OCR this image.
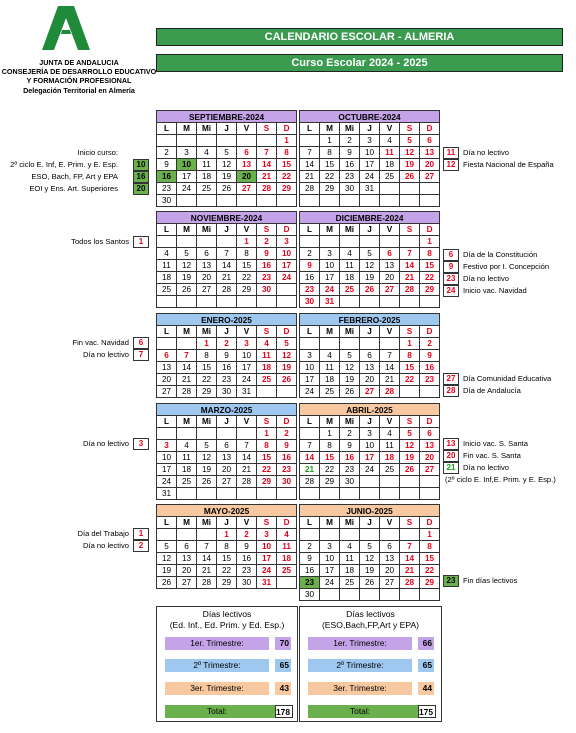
JUNTA DE ANDALUCIA
CONSEJERÍA DE DESARROLLO EDUCATIVO
Y FORMACIÓN PROFESIONAL
Delegación Territorial en Almería
CALENDARIO ESCOLAR - ALMERIA
Curso Escolar 2024 - 2025
SEPTIEMBRE-2024						
L	M	Mi	J	V	S	D
						1
2	3	4	5	6	7	8
9	10	11	12	13	14	15
16	17	18	19	20	21	22
23	24	25	26	27	28	29
30						
OCTUBRE-2024						
L	M	Mi	J	V	S	D
	1	2	3	4	5	6
7	8	9	10	11	12	13
14	15	16	17	18	19	20
21	22	23	24	25	26	27
28	29	30	31			

NOVIEMBRE-2024						
L	M	Mi	J	V	S	D
				1	2	3
4	5	6	7	8	9	10
11	12	13	14	15	16	17
18	19	20	21	22	23	24
25	26	27	28	29	30	

DICIEMBRE-2024						
L	M	Mi	J	V	S	D
						1
2	3	4	5	6	7	8
9	10	11	12	13	14	15
16	17	18	19	20	21	22
23	24	25	26	27	28	29
30	31					
ENERO-2025						
L	M	Mi	J	V	S	D
		1	2	3	4	5
6	7	8	9	10	11	12
13	14	15	16	17	18	19
20	21	22	23	24	25	26
27	28	29	30	31		
FEBRERO-2025						
L	M	Mi	J	V	S	D
					1	2
3	4	5	6	7	8	9
10	11	12	13	14	15	16
17	18	19	20	21	22	23
24	25	26	27	28		
MARZO-2025						
L	M	Mi	J	V	S	D
					1	2
3	4	5	6	7	8	9
10	11	12	13	14	15	16
17	18	19	20	21	22	23
24	25	26	27	28	29	30
31						
ABRIL-2025						
L	M	Mi	J	V	S	D
	1	2	3	4	5	6
7	8	9	10	11	12	13
14	15	16	17	18	19	20
21	22	23	24	25	26	27
28	29	30				

MAYO-2025						
L	M	Mi	J	V	S	D
			1	2	3	4
5	6	7	8	9	10	11
12	13	14	15	16	17	18
19	20	21	22	23	24	25
26	27	28	29	30	31	
JUNIO-2025						
L	M	Mi	J	V	S	D
						1
2	3	4	5	6	7	8
9	10	11	12	13	14	15
16	17	18	19	20	21	22
23	24	25	26	27	28	29
30						
Inicio curso:
2º ciclo E. Inf, E. Prim. y E. Esp.	10
ESO, Bach, FP, Art y EPA	16
EOI y Ens. Art. Superiores	20
Todos los Santos	1
Fin vac. Navidad	6
Día no lectivo	7
Día no lectivo	3
Día del Trabajo	1
Día no lectivo	2
11	Día no lectivo
12 Fiesta Nacional de España
6	Día de la Constitución
9	Festivo por I. Concepción
23 Día no lectivo
24 Inicio vac. Navidad
27 Día Comunidad Educativa
28 Día de Andalucía
13 Inicio vac. S. Santa
20 Fin vac. S. Santa
21 Día no lectivo
(2º ciclo E. Inf,E. Prim. y E. Esp.)
23 Fin días lectivos
Días lectivos
(Ed. Inf., Ed. Prim. y Ed. Esp.)
1er. Trimestre:	70
2º Trimestre:	65
3er. Trimestre:	43
Total:	178
Días lectivos
(ESO,Bach,FP,Art y EPA)
1er. Trimestre:	66
2º Trimestre:	65
3er. Trimestre:	44
Total:	175
